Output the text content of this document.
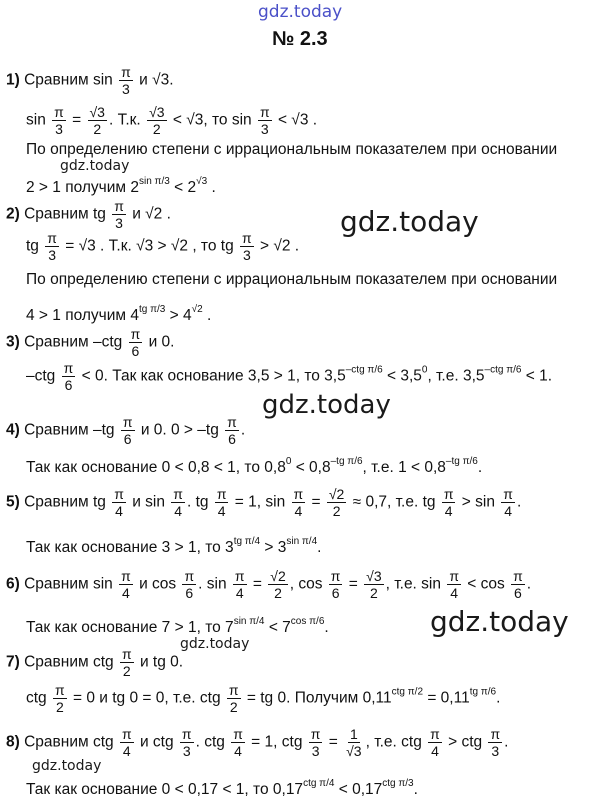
gdz.today
gdz.today
gdz.today
gdz.today
gdz.today
gdz.today
gdz.today
№ 2.3
1) Сравним $\sin \frac{\pi}{3}$ и √3.
$\sin \frac{\pi}{3} = \frac{√3}{2}$ . Т.к. $\frac{√3}{2} < √3$, то $\sin \frac{\pi}{3} < √3$ .
По определению степени с иррациональным показателем при основании
2 > 1 получим $2^{sin \pi/3} < 2^{√3}$ .
2) Сравним tg $\frac{\pi}{3}$ и √2 .
tg $\frac{\pi}{3} = √3$ . Т.к. √3 > √2 , то tg $\frac{\pi}{3} > √2$ .
По определению степени с иррациональным показателем при основании
4 > 1 получим $4^{tg \pi/3} > 4^{√2}$ .
3) Сравним $-ctg \frac{\pi}{6}$ и 0.
$-ctg \frac{\pi}{6} < 0$. Так как основание 3,5 > 1, то $3,5^{-ctg \pi/6} < 3,5^0$, т.е. $3,5^{-ctg \pi/6} < 1$.
4) Сравним $-tg \frac{\pi}{6}$ и 0. $0 > -tg \frac{\pi}{6}$ .
Так как основание 0 < 0,8 < 1, то $0,8^0 < 0,8^{-tg \pi/6}$, т.е. $1 < 0,8^{-tg \pi/6}$.
5) Сравним tg $\frac{\pi}{4}$ и $\sin \frac{\pi}{4}$ . tg $\frac{\pi}{4} = 1$, $\sin \frac{\pi}{4} = \frac{√2}{2} \approx 0,7$, т.е. tg $\frac{\pi}{4} > \sin \frac{\pi}{4}$ .
Так как основание 3 > 1, то $3^{tg \pi/4} > 3^{sin \pi/4}$.
6) Сравним $\sin \frac{\pi}{4}$ и $\cos \frac{\pi}{6}$ . $\sin \frac{\pi}{4} = \frac{√2}{2}$ , $\cos \frac{\pi}{6} = \frac{√3}{2}$ , т.е. $\sin \frac{\pi}{4} < \cos \frac{\pi}{6}$ .
Так как основание 7 > 1, то $7^{sin \pi/4} < 7^{cos \pi/6}$.
7) Сравним ctg $\frac{\pi}{2}$ и tg 0.
ctg $\frac{\pi}{2} = 0$ и tg 0 = 0, т.е. ctg $\frac{\pi}{2}$ = tg 0. Получим $0,11^{ctg \pi/2} = 0,11^{tg \pi/6}$.
8) Сравним ctg $\frac{\pi}{4}$ и ctg $\frac{\pi}{3}$ . ctg $\frac{\pi}{4} = 1$, ctg $\frac{\pi}{3} = \frac{1}{√3}$ , т.е. ctg $\frac{\pi}{4}$ > ctg $\frac{\pi}{3}$ .
Так как основание 0 < 0,17 < 1, то $0,17^{ctg \pi/4} < 0,17^{ctg \pi/3}$.
